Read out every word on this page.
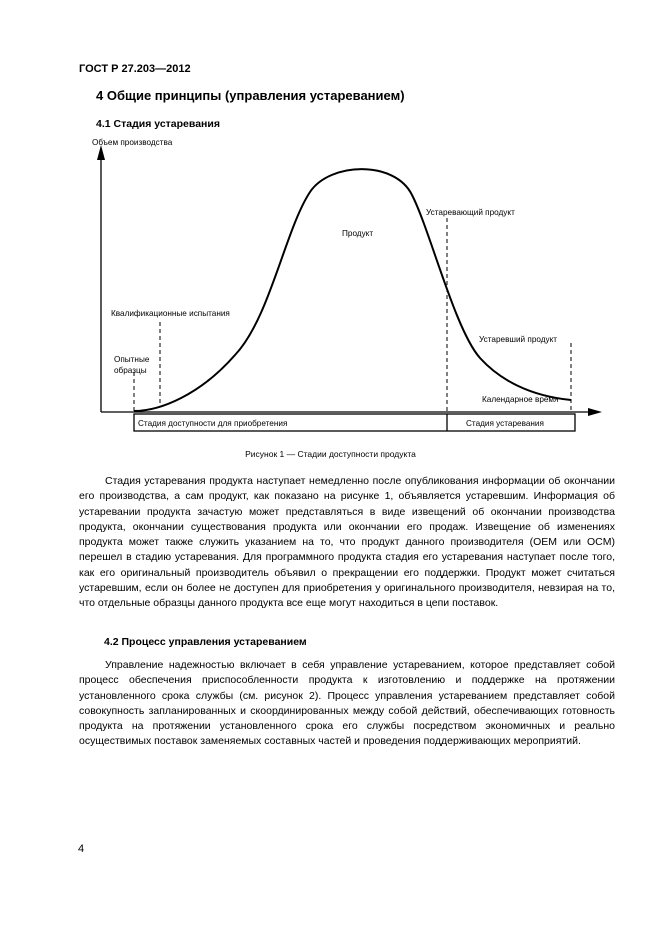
ГОСТ Р 27.203—2012
4 Общие принципы (управления устареванием)
4.1 Стадия устаревания
Объем производства
Продукт
Устаревающий продукт
Устаревший продукт
Квалификационные испытания
Опытные
образцы
Календарное время
Стадия доступности для приобретения	Стадия устаревания
Рисунок 1 — Стадии доступности продукта
Стадия устаревания продукта наступает немедленно после опубликования информации об окончании его производства, а сам продукт, как показано на рисунке 1, объявляется устаревшим. Информация об устаревании продукта зачастую может представляться в виде извещений об окончании производства продукта, окончании существования продукта или окончании его продаж. Извещение об изменениях продукта может также служить указанием на то, что продукт данного производителя (OEM или OCM) перешел в стадию устаревания. Для программного продукта стадия его устаревания наступает после того, как его оригинальный производитель объявил о прекращении его поддержки. Продукт может считаться устаревшим, если он более не доступен для приобретения у оригинального производителя, невзирая на то, что отдельные образцы данного продукта все еще могут находиться в цепи поставок.
4.2 Процесс управления устареванием
Управление надежностью включает в себя управление устареванием, которое представляет собой процесс обеспечения приспособленности продукта к изготовлению и поддержке на протяжении установленного срока службы (см. рисунок 2). Процесс управления устареванием представляет собой совокупность запланированных и скоординированных между собой действий, обеспечивающих готовность продукта на протяжении установленного срока его службы посредством экономичных и реально осуществимых поставок заменяемых составных частей и проведения поддерживающих мероприятий.
4
